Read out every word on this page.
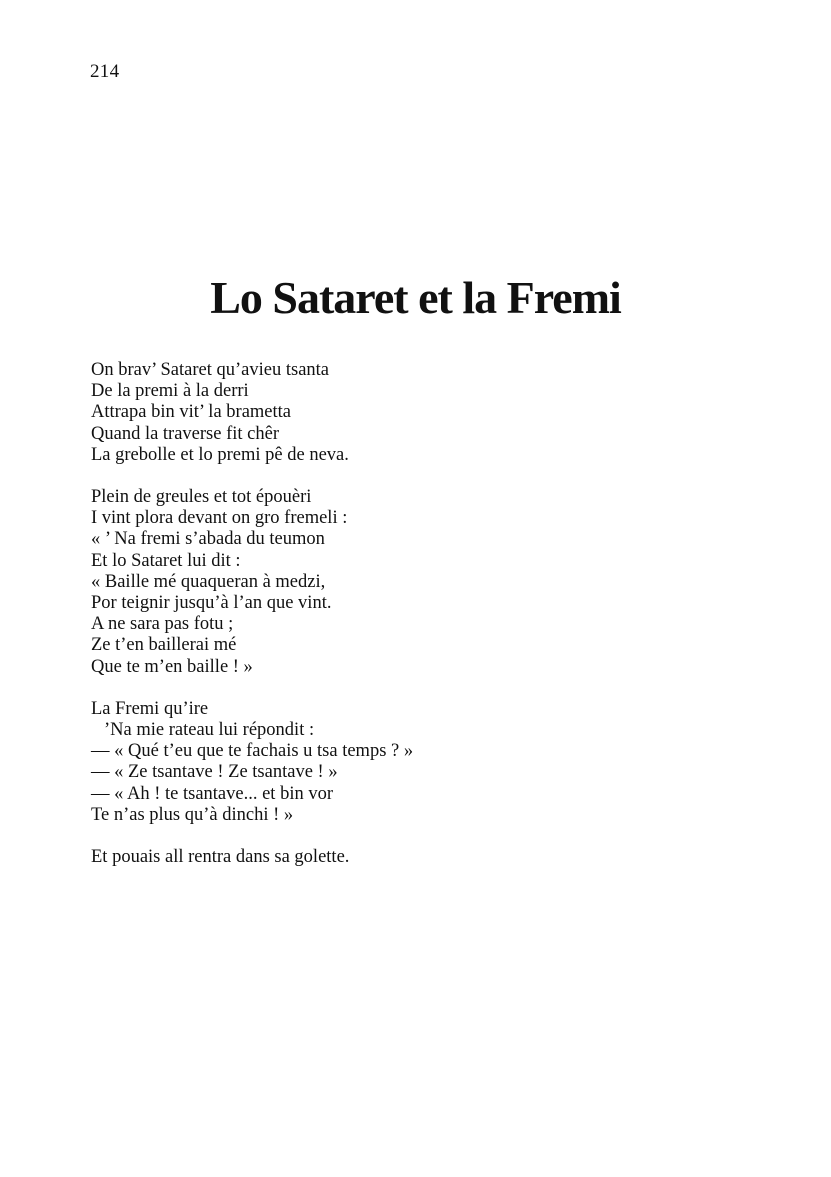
214
Lo Sataret et la Fremi
On brav’ Sataret qu’avieu tsanta
De la premi à la derri
Attrapa bin vit’ la brametta
Quand la traverse fit chêr
La grebolle et lo premi pê de neva.
Plein de greules et tot épouèri
I vint plora devant on gro fremeli :
« ’ Na fremi s’abada du teumon
Et lo Sataret lui dit :
« Baille mé quaqueran à medzi,
Por teignir jusqu’à l’an que vint.
A ne sara pas fotu ;
Ze t’en baillerai mé
Que te m’en baille ! »
La Fremi qu’ire
’Na mie rateau lui répondit :
— « Qué t’eu que te fachais u tsa temps ? »
— « Ze tsantave ! Ze tsantave ! »
— « Ah ! te tsantave... et bin vor
Te n’as plus qu’à dinchi ! »
Et pouais all rentra dans sa golette.
